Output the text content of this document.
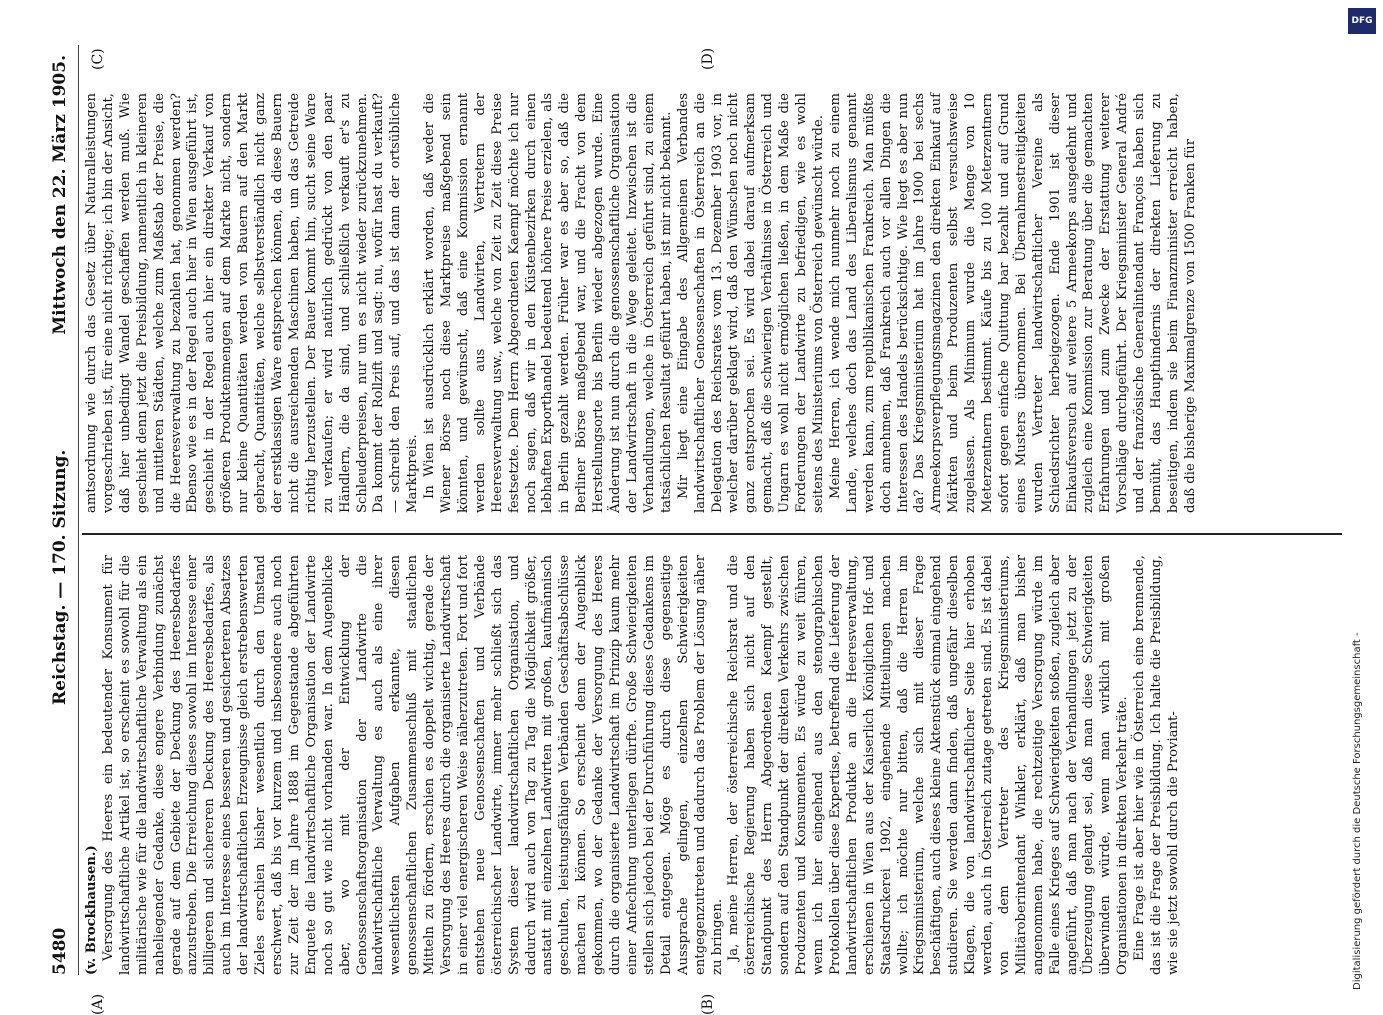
5480
Reichstag. — 170. Sitzung.
Mittwoch den 22. März 1905.

(v. Brockhausen.) Versorgung des Heeres ein bedeutender Konsument für landwirtschaftliche Artikel ist, so erscheint es sowohl für die militärische wie für die landwirtschaftliche Verwaltung als ein naheliegender Gedanke, diese engere Verbindung zunächst gerade auf dem Gebiete der Deckung des Heeresbedarfes anzustreben. Die Erreichung dieses sowohl im Interesse einer billigeren und sichereren Deckung des Heeresbedarfes, als auch im Interesse eines besseren und gesicherteren Absatzes der landwirtschaftlichen Erzeugnisse gleich erstrebenswerten Zieles erschien bisher wesentlich durch den Umstand erschwert, daß bis vor kurzem und insbesondere auch noch zur Zeit der im Jahre 1888 im Gegenstande abgeführten Enquete die landwirtschaftliche Organisation der Landwirte noch so gut wie nicht vorhanden war. In dem Augenblicke aber, wo mit der Entwicklung der Genossenschaftsorganisation der Landwirte die landwirtschaftliche Verwaltung es auch als eine ihrer wesentlichsten Aufgaben erkannte, diesen genossenschaftlichen Zusammenschluß mit staatlichen Mitteln zu fördern, erschien es doppelt wichtig, gerade der Versorgung des Heeres durch die organisierte Landwirtschaft in einer viel energischeren Weise näherzutreten. Fort und fort entstehen neue Genossenschaften und Verbände österreichischer Landwirte, immer mehr schließt sich das System dieser landwirtschaftlichen Organisation, und dadurch wird auch von Tag zu Tag die Möglichkeit größer, anstatt mit einzelnen Landwirten mit großen, kaufmännisch geschulten, leistungsfähigen Verbänden Geschäftsabschlüsse machen zu können. So erscheint denn der Augenblick gekommen, wo der Gedanke der Versorgung des Heeres durch die organisierte Landwirtschaft im Prinzip kaum mehr einer Anfechtung unterliegen dürfte. Große Schwierigkeiten stellen sich jedoch bei der Durchführung dieses Gedankens im Detail entgegen. Möge es durch diese gegenseitige Aussprache gelingen, einzelnen Schwierigkeiten entgegenzutreten und dadurch das Problem der Lösung näher zu bringen. Ja, meine Herren, der österreichische Reichsrat und die österreichische Regierung haben sich nicht auf den Standpunkt des Herrn Abgeordneten Kaempf gestellt, sondern auf den Standpunkt der direkten Verkehrs zwischen Produzenten und Konsumenten. Es würde zu weit führen, wenn ich hier eingehend aus den stenographischen Protokollen über diese Expertise, betreffend die Lieferung der landwirtschaftlichen Produkte an die Heeresverwaltung, erschienen in Wien aus der Kaiserlich Königlichen Hof- und Staatsdruckerei 1902, eingehende Mitteilungen machen wollte; ich möchte nur bitten, daß die Herren im Kriegsministerium, welche sich mit dieser Frage beschäftigen, auch dieses kleine Aktenstück einmal eingehend studieren. Sie werden dann finden, daß ungefähr dieselben Klagen, die von landwirtschaftlicher Seite hier erhoben werden, auch in Österreich zutage getreten sind. Es ist dabei von dem Vertreter des Kriegsministeriums, Militäroberintendant Winkler, erklärt, daß man bisher angenommen habe, die rechtzeitige Versorgung würde im Falle eines Krieges auf Schwierigkeiten stoßen, zugleich aber angeführt, daß man nach der Verhandlungen jetzt zu der Überzeugung gelangt sei, daß man diese Schwierigkeiten überwinden würde, wenn man wirklich mit großen Organisationen in direkten Verkehr träte. Eine Frage ist aber hier wie in Österreich eine brennende, das ist die Frage der Preisbildung. Ich halte die Preisbildung, wie sie jetzt sowohl durch die Proviant-

amtsordnung wie durch das Gesetz über Naturalleistungen vorgeschrieben ist, für eine nicht richtige; ich bin der Ansicht, daß hier unbedingt Wandel geschaffen werden muß. Wie geschieht denn jetzt die Preisbildung, namentlich in kleineren und mittleren Städten, welche zum Maßstab der Preise, die die Heeresverwaltung zu bezahlen hat, genommen werden? Ebenso wie es in der Regel auch hier in Wien ausgeführt ist, geschieht in der Regel auch hier ein direkter Verkauf von größeren Produktenmengen auf dem Markte nicht, sondern nur kleine Quantitäten werden von Bauern auf den Markt gebracht, Quantitäten, welche selbstverständlich nicht ganz der erstklassigen Ware entsprechen können, da diese Bauern nicht die ausreichenden Maschinen haben, um das Getreide richtig herzustellen. Der Bauer kommt hin, sucht seine Ware zu verkaufen; er wird natürlich gedrückt von den paar Händlern, die da sind, und schließlich verkauft er's zu Schleuderpreisen, nur um es nicht wieder zurückzunehmen. Da kommt der Rollzift und sagt: nu, wofür hast du verkauft? — schreibt den Preis auf, und das ist dann der ortsübliche Marktpreis. In Wien ist ausdrücklich erklärt worden, daß weder die Wiener Börse noch diese Marktpreise maßgebend sein könnten, und gewünscht, daß eine Kommission ernannt werden sollte aus Landwirten, Vertretern der Heeresverwaltung usw., welche von Zeit zu Zeit diese Preise festsetzte. Dem Herrn Abgeordneten Kaempf möchte ich nur noch sagen, daß wir in den Küstenbezirken durch einen lebhaften Exporthandel bedeutend höhere Preise erzielen, als in Berlin gezahlt werden. Früher war es aber so, daß die Berliner Börse maßgebend war, und die Fracht von dem Herstellungsorte bis Berlin wieder abgezogen wurde. Eine Änderung ist nun durch die genossenschaftliche Organisation der Landwirtschaft in die Wege geleitet. Inzwischen ist die Verhandlungen, welche in Österreich geführt sind, zu einem tatsächlichen Resultat geführt haben, ist mir nicht bekannt. Mir liegt eine Eingabe des Allgemeinen Verbandes landwirtschaftlicher Genossenschaften in Österreich an die Delegation des Reichsrates vom 13. Dezember 1903 vor, in welcher darüber geklagt wird, daß den Wünschen noch nicht ganz entsprochen sei. Es wird dabei darauf aufmerksam gemacht, daß die schwierigen Verhältnisse in Österreich und Ungarn es wohl nicht ermöglichen ließen, in dem Maße die Forderungen der Landwirte zu befriedigen, wie es wohl seitens des Ministeriums von Österreich gewünscht würde. Meine Herren, ich wende mich nunmehr noch zu einem Lande, welches doch das Land des Liberalismus genannt werden kann, zum republikanischen Frankreich. Man müßte doch annehmen, daß Frankreich auch vor allen Dingen die Interessen des Handels berücksichtige. Wie liegt es aber nun da? Das Kriegsministerium hat im Jahre 1900 bei sechs Armeekorpsverpflegungsmagazinen den direkten Einkauf auf Märkten und beim Produzenten selbst versuchsweise zugelassen. Als Minimum wurde die Menge von 10 Meterzentnern bestimmt. Käufe bis zu 100 Meterzentnern sofort gegen einfache Quittung bar bezahlt und auf Grund eines Musters übernommen. Bei Übernahmestreitigkeiten wurden Vertreter landwirtschaftlicher Vereine als Schiedsrichter herbeigezogen. Ende 1901 ist dieser Einkaufsversuch auf weitere 5 Armeekorps ausgedehnt und zugleich eine Kommission zur Beratung über die gemachten Erfahrungen und zum Zwecke der Erstattung weiterer Vorschläge durchgeführt. Der Kriegsminister General André und der französische Generalintendant François haben sich bemüht, das Haupthindernis der direkten Lieferung zu beseitigen, indem sie beim Finanzminister erreicht haben, daß die bisherige Maximalgrenze von 1500 Franken für

(A)	(B)
(C)	(D)
DFG
Digitalisierung gefördert durch die Deutsche Forschungsgemeinschaft -
